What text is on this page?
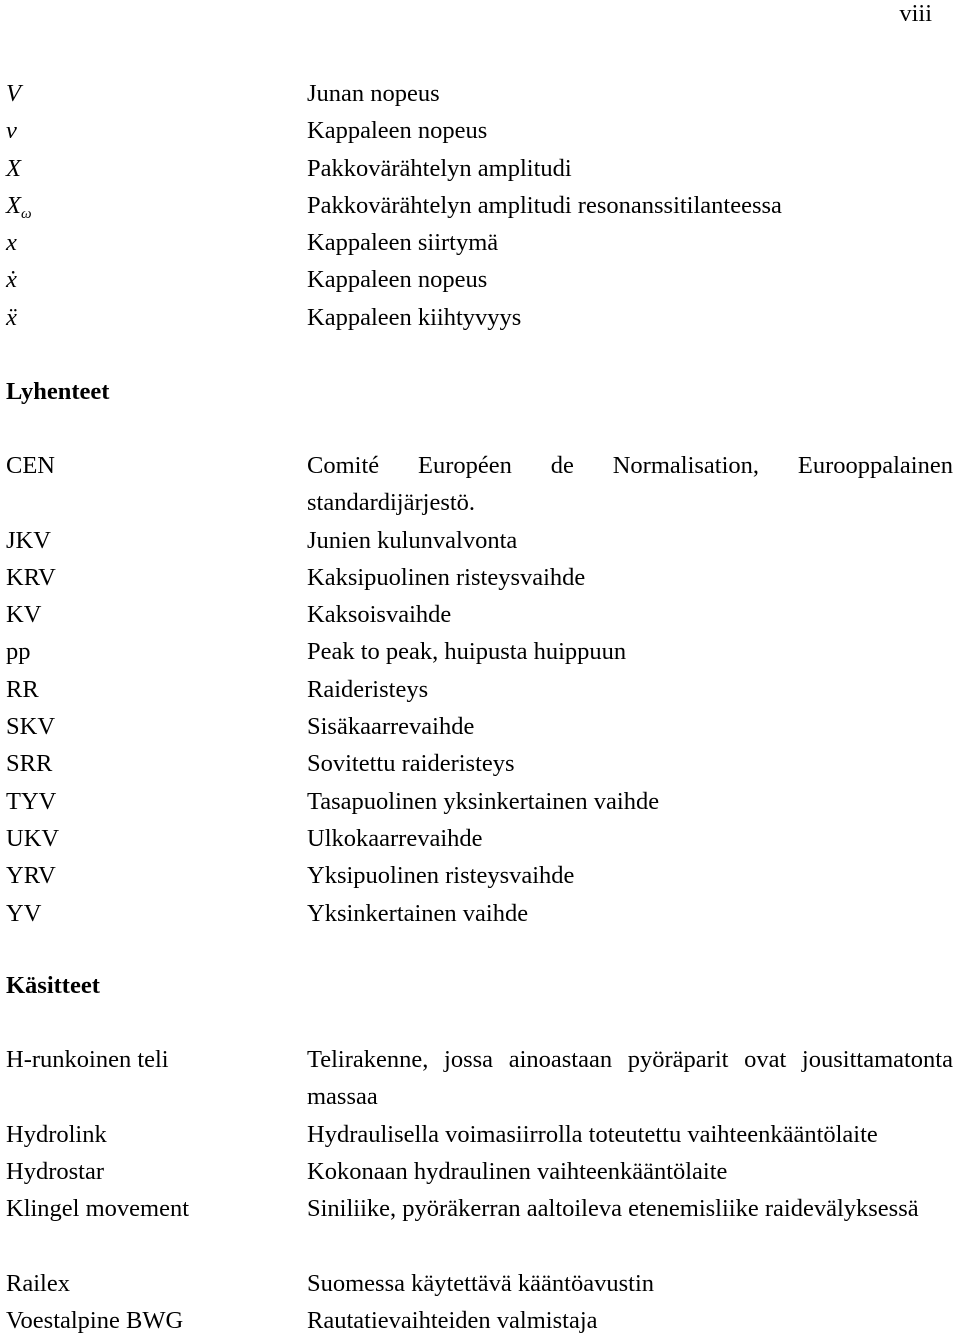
viii
V	Junan nopeus
v	Kappaleen nopeus
X	Pakkovärähtelyn amplitudi
$X_\omega$	Pakkovärähtelyn amplitudi resonanssitilanteessa
x	Kappaleen siirtymä
ẋ	Kappaleen nopeus
ẍ	Kappaleen kiihtyvyys
Lyhenteet
CEN	Comité Européen de Normalisation, Eurooppalainen standardijärjestö.
JKV	Junien kulunvalvonta
KRV	Kaksipuolinen risteysvaihde
KV	Kaksoisvaihde
pp	Peak to peak, huipusta huippuun
RR	Raideristeys
SKV	Sisäkaarrevaihde
SRR	Sovitettu raideristeys
TYV	Tasapuolinen yksinkertainen vaihde
UKV	Ulkokaarrevaihde
YRV	Yksipuolinen risteysvaihde
YV	Yksinkertainen vaihde
Käsitteet
H-runkoinen teli	Telirakenne, jossa ainoastaan pyöräparit ovat jousittamatonta massaa
Hydrolink	Hydraulisella voimasiirrolla toteutettu vaihteenkääntölaite
Hydrostar	Kokonaan hydraulinen vaihteenkääntölaite
Klingel movement	Siniliike, pyöräkerran aaltoileva etenemisliike raidevälyksessä
Railex	Suomessa käytettävä kääntöavustin
Voestalpine BWG	Rautatievaihteiden valmistaja
